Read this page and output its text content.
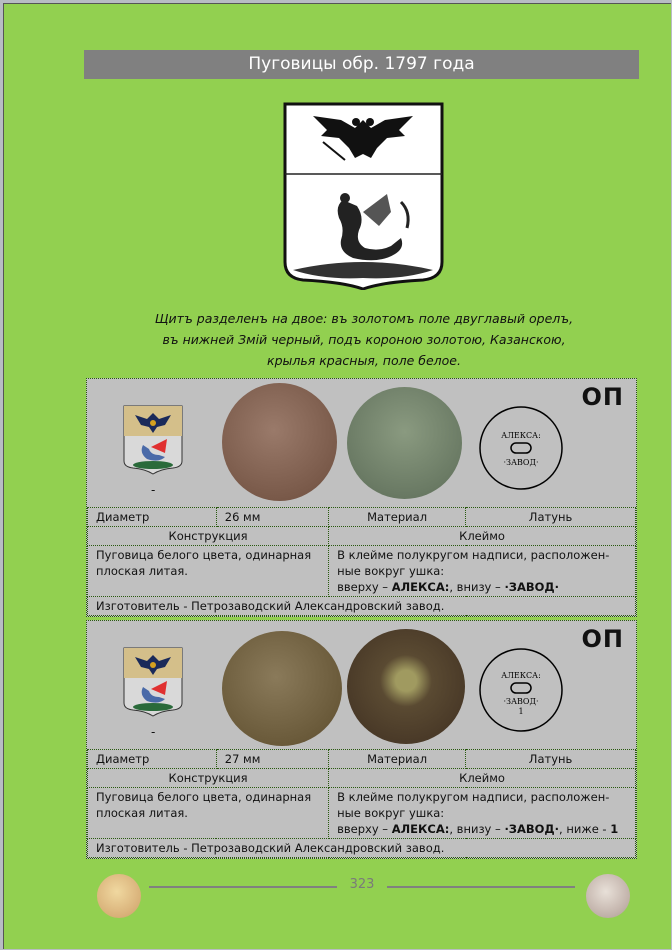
Пуговицы обр. 1797 года
Щитъ разделенъ на двое: въ золотомъ поле двуглавый орелъ,
въ нижней Змій черный, подъ короною золотою, Казанскою,
крылья красныя, поле белое.
-
АЛЕКСА:
·ЗАВОД·
ОП
Диаметр	26 мм	Материал	Латунь
Конструкция		Клеймо	
Пуговица белого цвета, одинарная плоская литая.		В клейме полукругом надписи, расположен-ные вокруг ушка:
вверху – АЛЕКСА:, внизу – ·ЗАВОД·	

Изготовитель - Петрозаводский Александровский завод.			
-
АЛЕКСА:
·ЗАВОД·
1
ОП
Диаметр	27 мм	Материал	Латунь
Конструкция		Клеймо	
Пуговица белого цвета, одинарная плоская литая.		В клейме полукругом надписи, расположен-ные вокруг ушка:
вверху – АЛЕКСА:, внизу – ·ЗАВОД·, ниже - 1	

Изготовитель - Петрозаводский Александровский завод.			
323
